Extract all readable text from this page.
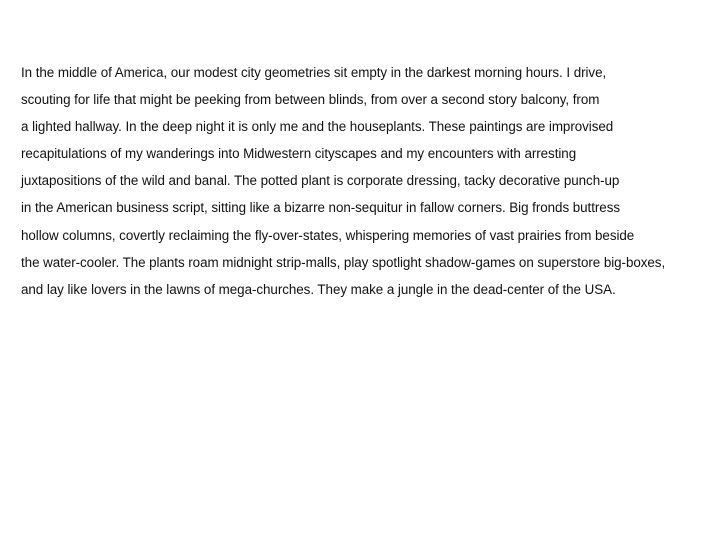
In the middle of America, our modest city geometries sit empty in the darkest morning hours. I drive,
scouting for life that might be peeking from between blinds, from over a second story balcony, from
a lighted hallway. In the deep night it is only me and the houseplants. These paintings are improvised
recapitulations of my wanderings into Midwestern cityscapes and my encounters with arresting
juxtapositions of the wild and banal. The potted plant is corporate dressing, tacky decorative punch-up
in the American business script, sitting like a bizarre non-sequitur in fallow corners. Big fronds buttress
hollow columns, covertly reclaiming the fly-over-states, whispering memories of vast prairies from beside
the water-cooler. The plants roam midnight strip-malls, play spotlight shadow-games on superstore big-boxes,
and lay like lovers in the lawns of mega-churches. They make a jungle in the dead-center of the USA.
